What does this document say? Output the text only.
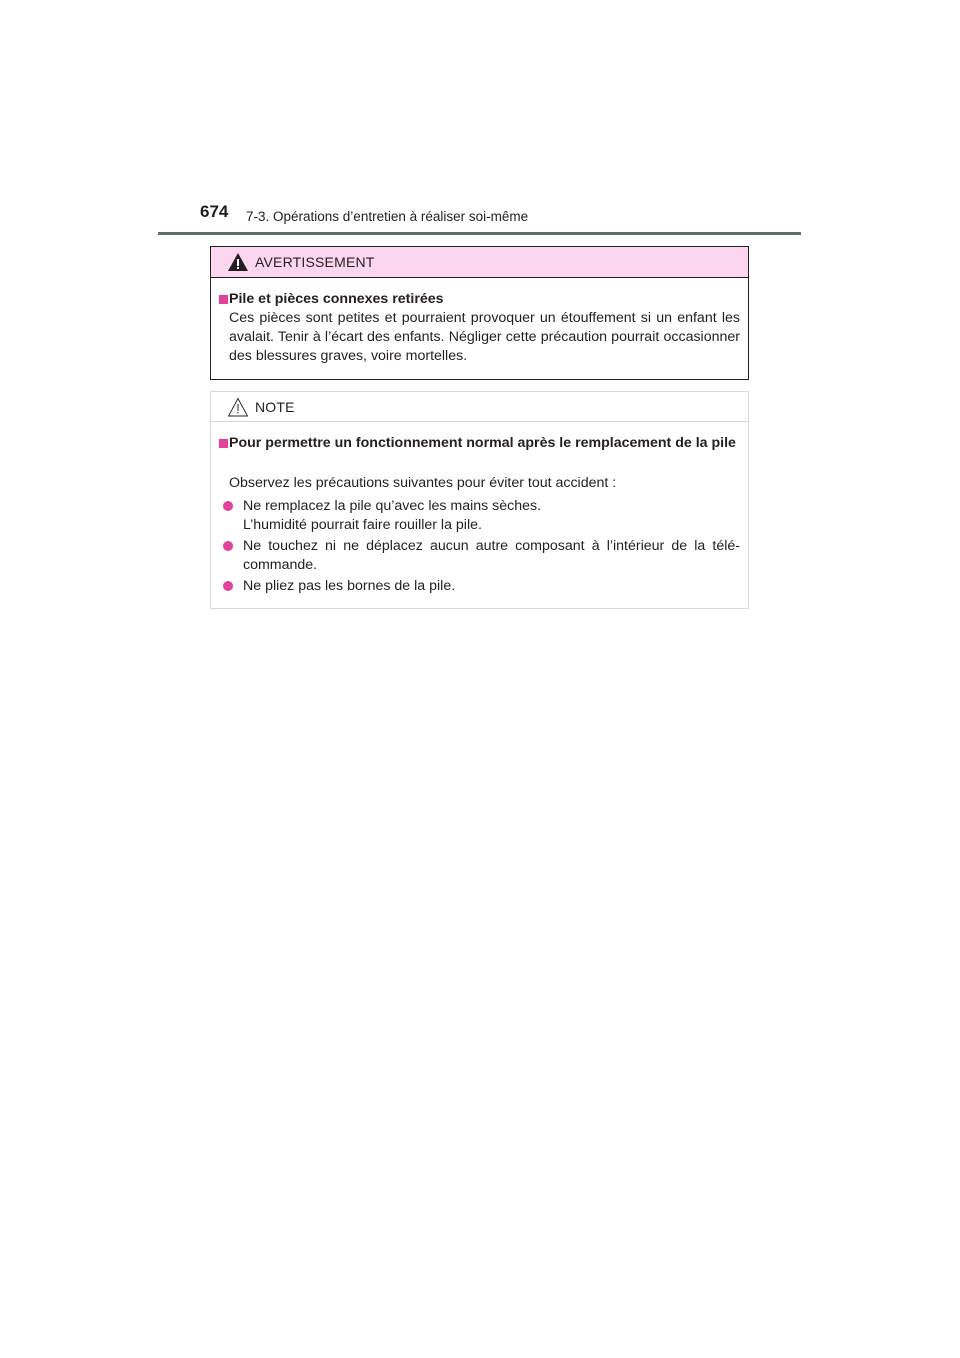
674 7-3. Opérations d’entretien à réaliser soi-même
AVERTISSEMENT
Pile et pièces connexes retirées
Ces pièces sont petites et pourraient provoquer un étouffement si un enfant les avalait. Tenir à l’écart des enfants. Négliger cette précaution pourrait occasionner des blessures graves, voire mortelles.
NOTE
Pour permettre un fonctionnement normal après le remplacement de la pile
Observez les précautions suivantes pour éviter tout accident :
Ne remplacez la pile qu’avec les mains sèches.
L’humidité pourrait faire rouiller la pile.
Ne touchez ni ne déplacez aucun autre composant à l’intérieur de la télé-commande.
Ne pliez pas les bornes de la pile.
